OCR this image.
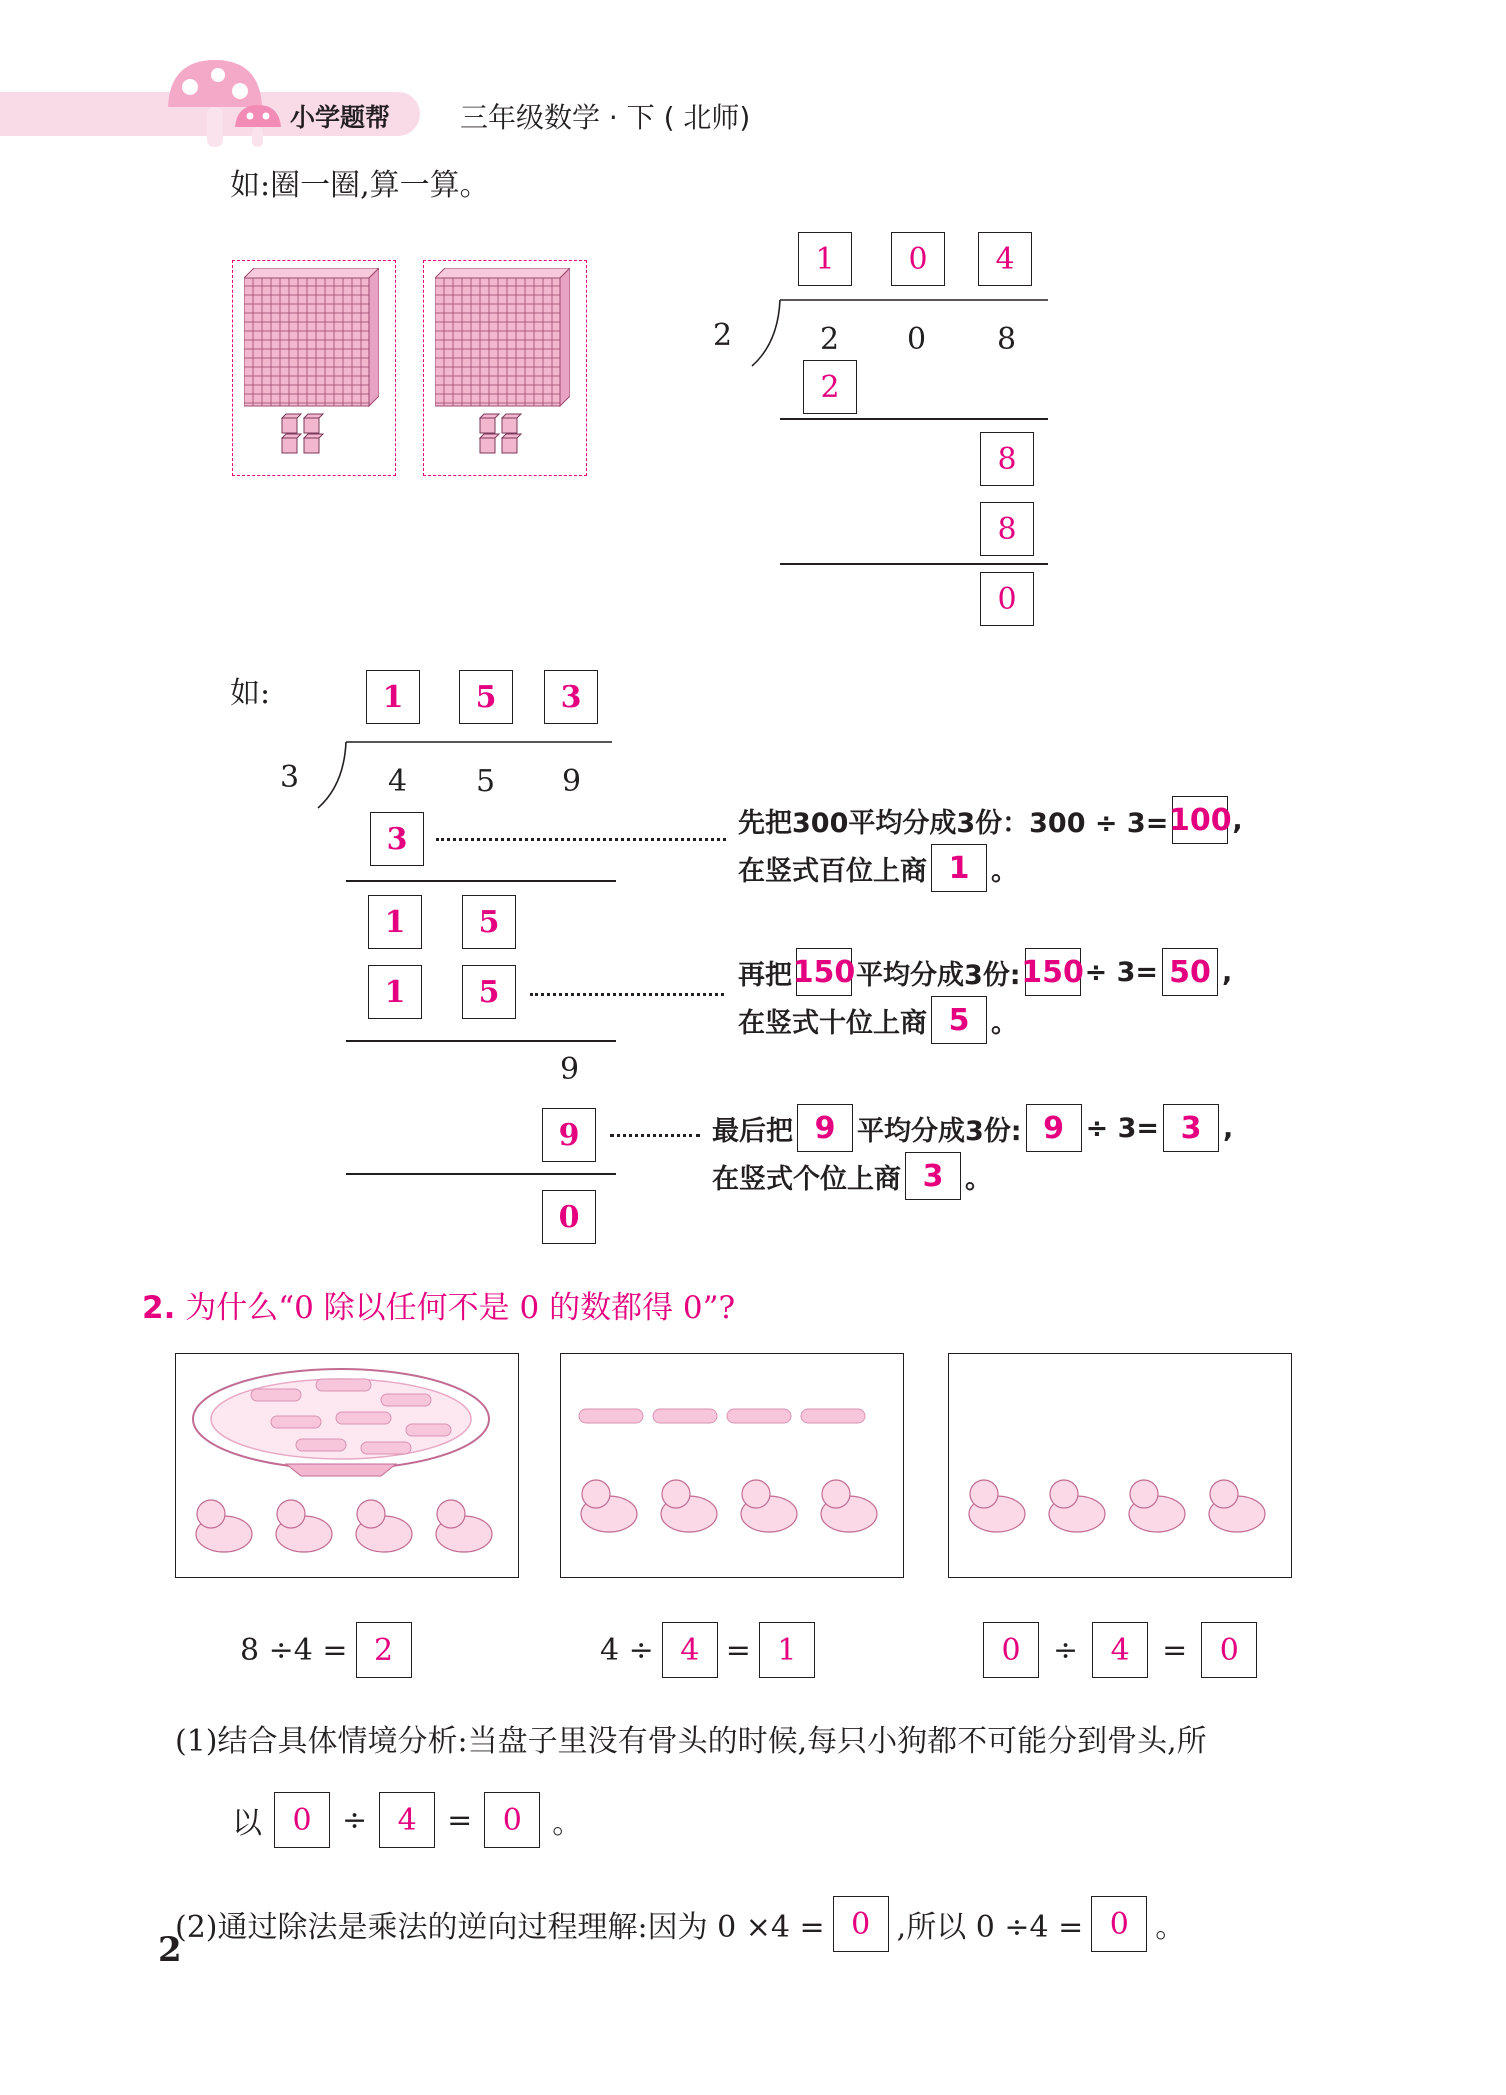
小学题帮 三年级数学 · 下 ( 北师)
如:圈一圈,算一算。
1	0	4
2	2 0 8
2
8
8
0
如:	1	5	3
3	4 5 9
3
1	5
1	5
9
9
0
先把300平均分成3份：300 ÷ 3= 100 ,
在竖式百位上商 1 。
再把 150 平均分成3份: 150 ÷ 3= 50 ,
在竖式十位上商 5 。
最后把 9 平均分成3份: 9 ÷ 3= 3 ,
在竖式个位上商 3 。
2. 为什么“0 除以任何不是 0 的数都得 0”?
8 ÷4 = 2	4 ÷ 4 = 1	0	÷	4	=	0
(1)结合具体情境分析:当盘子里没有骨头的时候,每只小狗都不可能分到骨头,所
以	0	÷	4	=	0	。
(2)通过除法是乘法的逆向过程理解:因为 0 ×4 = 0 ,所以 0 ÷4 = 0 。
2
